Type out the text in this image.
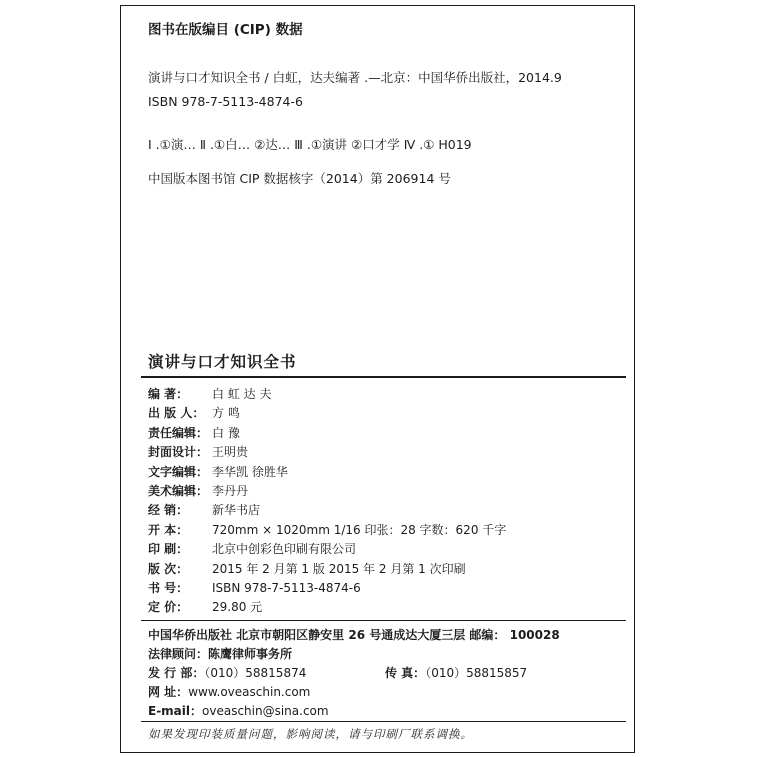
图书在版编目 (CIP) 数据
演讲与口才知识全书 / 白虹，达夫编著 .—北京：中国华侨出版社，2014.9
ISBN 978-7-5113-4874-6
Ⅰ .①演… Ⅱ .①白… ②达… Ⅲ .①演讲 ②口才学 Ⅳ .① H019
中国版本图书馆 CIP 数据核字（2014）第 206914 号
演讲与口才知识全书
编 著： 白 虹 达 夫
出 版 人： 方 鸣
责任编辑： 白 豫
封面设计： 王明贵
文字编辑： 李华凯 徐胜华
美术编辑： 李丹丹
经 销： 新华书店
开 本： 720mm × 1020mm 1/16 印张：28 字数：620 千字
印 刷： 北京中创彩色印刷有限公司
版 次： 2015 年 2 月第 1 版 2015 年 2 月第 1 次印刷
书 号： ISBN 978-7-5113-4874-6
定 价： 29.80 元
中国华侨出版社 北京市朝阳区静安里 26 号通成达大厦三层 邮编： 100028
法律顾问：陈鹰律师事务所
发 行 部：（010）58815874	传 真：（010）58815857
网 址：www.oveaschin.com
E-mail：oveaschin@sina.com
如果发现印装质量问题，影响阅读，请与印刷厂联系调换。
